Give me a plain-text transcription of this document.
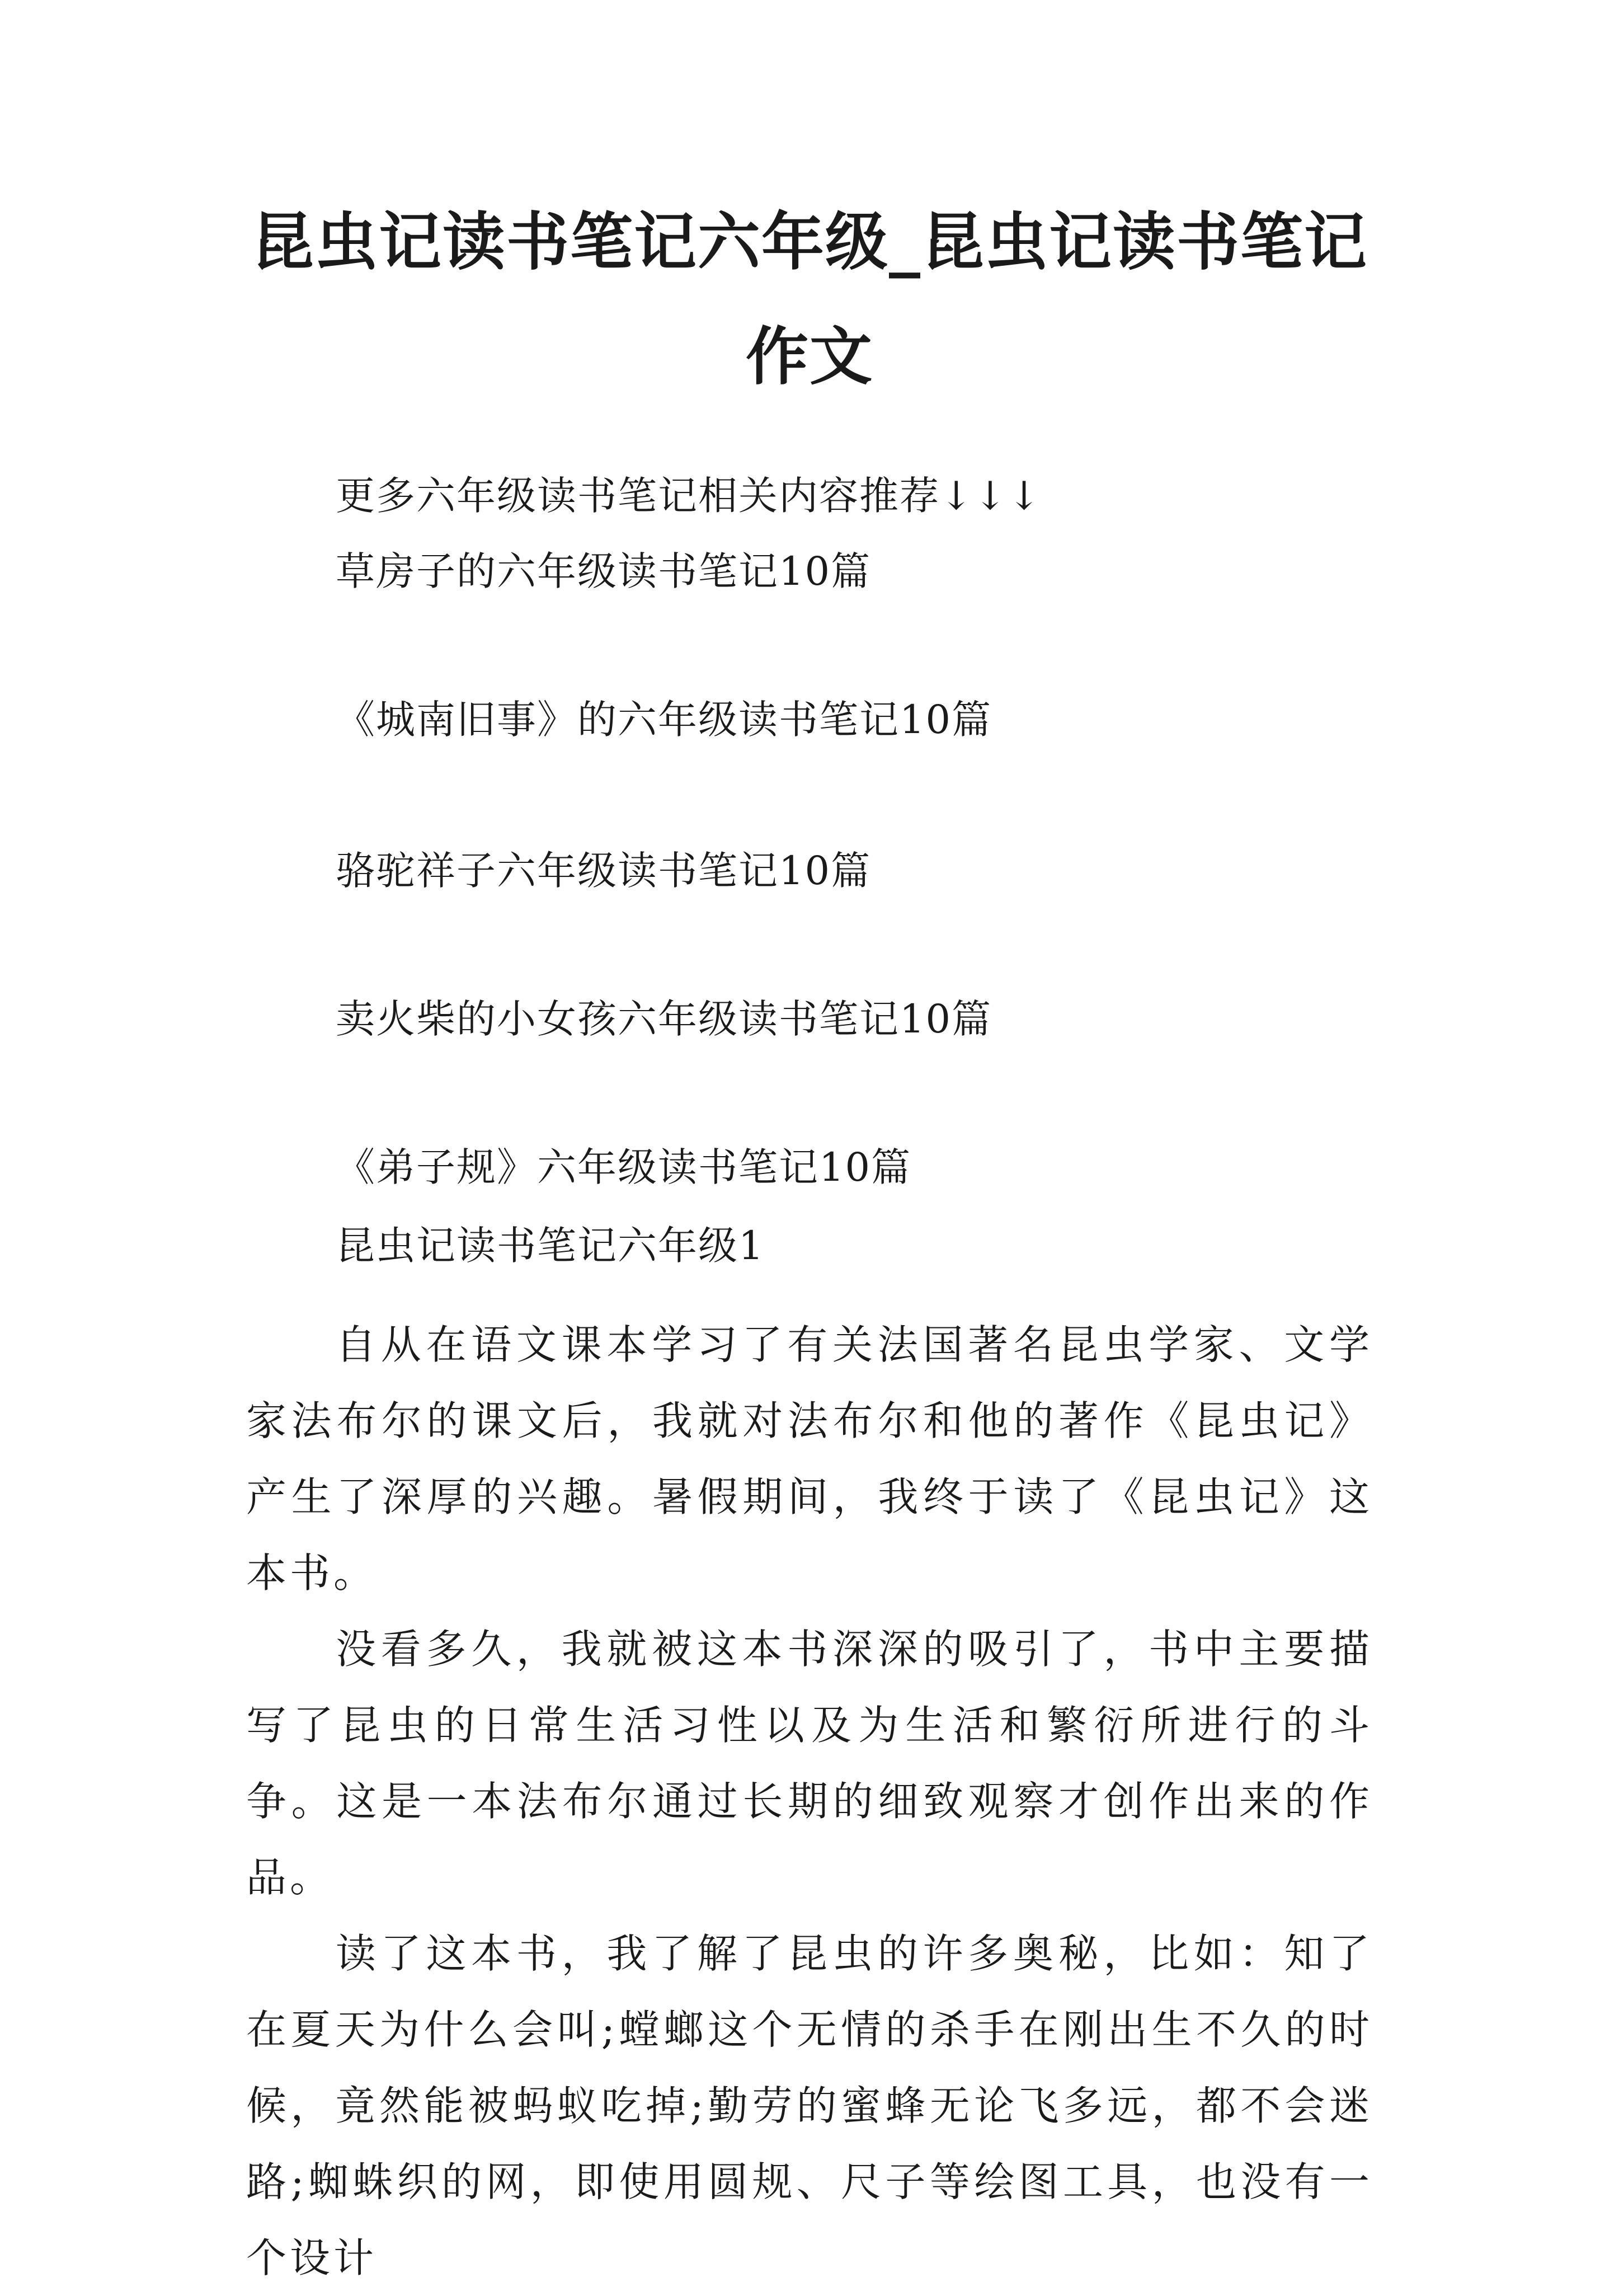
昆虫记读书笔记六年级_昆虫记读书笔记作文
更多六年级读书笔记相关内容推荐↓↓↓
草房子的六年级读书笔记10篇
《城南旧事》的六年级读书笔记10篇
骆驼祥子六年级读书笔记10篇
卖火柴的小女孩六年级读书笔记10篇
《弟子规》六年级读书笔记10篇
昆虫记读书笔记六年级1

自从在语文课本学习了有关法国著名昆虫学家、文学家法布尔的课文后，我就对法布尔和他的著作《昆虫记》产生了深厚的兴趣。暑假期间，我终于读了《昆虫记》这本书。

没看多久，我就被这本书深深的吸引了，书中主要描写了昆虫的日常生活习性以及为生活和繁衍所进行的斗争。这是一本法布尔通过长期的细致观察才创作出来的作品。

读了这本书，我了解了昆虫的许多奥秘，比如：知了在夏天为什么会叫;螳螂这个无情的杀手在刚出生不久的时候，竟然能被蚂蚁吃掉;勤劳的蜜蜂无论飞多远，都不会迷路;蜘蛛织的网，即使用圆规、尺子等绘图工具，也没有一个设计
